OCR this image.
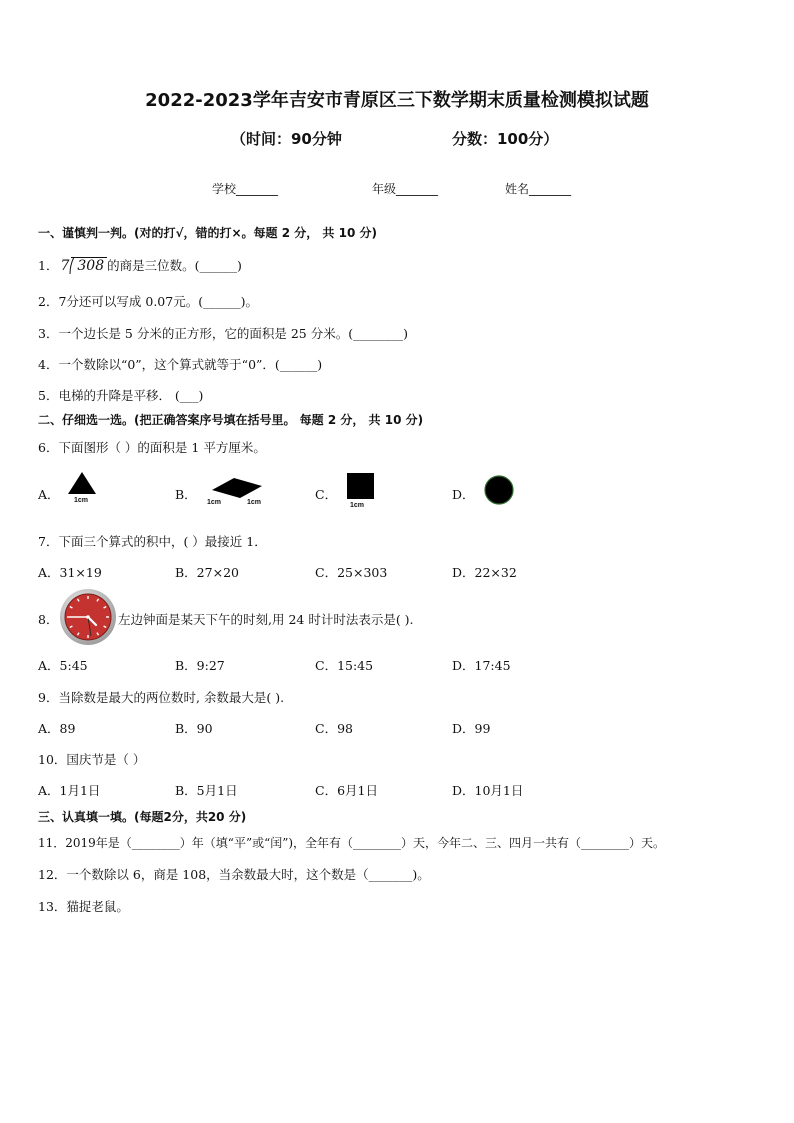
2022-2023学年吉安市青原区三下数学期末质量检测模拟试题
（时间：90分钟	分数：100分）
学校_______	年级_______	姓名_______
一、谨慎判一判。(对的打√，错的打×。每题 2 分， 共 10 分)
1． 7 308 的商是三位数。(______)
2．7分还可以写成 0.07元。(______)。
3．一个边长是 5 分米的正方形，它的面积是 25 分米。(________)
4．一个数除以“0”，这个算式就等于“0”．(______)
5．电梯的升降是平移． (___)
二、仔细选一选。(把正确答案序号填在括号里。 每题 2 分， 共 10 分)
6．下面图形（ ）的面积是 1 平方厘米。
A． 1cm	B．
1cm	1cm
C．
1cm
D．
7．下面三个算式的积中，( ）最接近 1．
A．31×19	B．27×20	C．25×303	D．22×32
8．	左边钟面是某天下午的时刻,用 24 时计时法表示是( ).
A．5:45	B．9:27	C．15:45	D．17:45
9．当除数是最大的两位数时, 余数最大是( ).
A．89	B．90	C．98	D．99
10．国庆节是（ ）
A．1月1日	B．5月1日	C．6月1日	D．10月1日
三、认真填一填。(每题2分，共20 分)
11．2019年是（________）年（填“平”或“闰”)，全年有（________）天，今年二、三、四月一共有（________）天。
12．一个数除以 6，商是 108，当余数最大时，这个数是（_______)。
13．猫捉老鼠。
